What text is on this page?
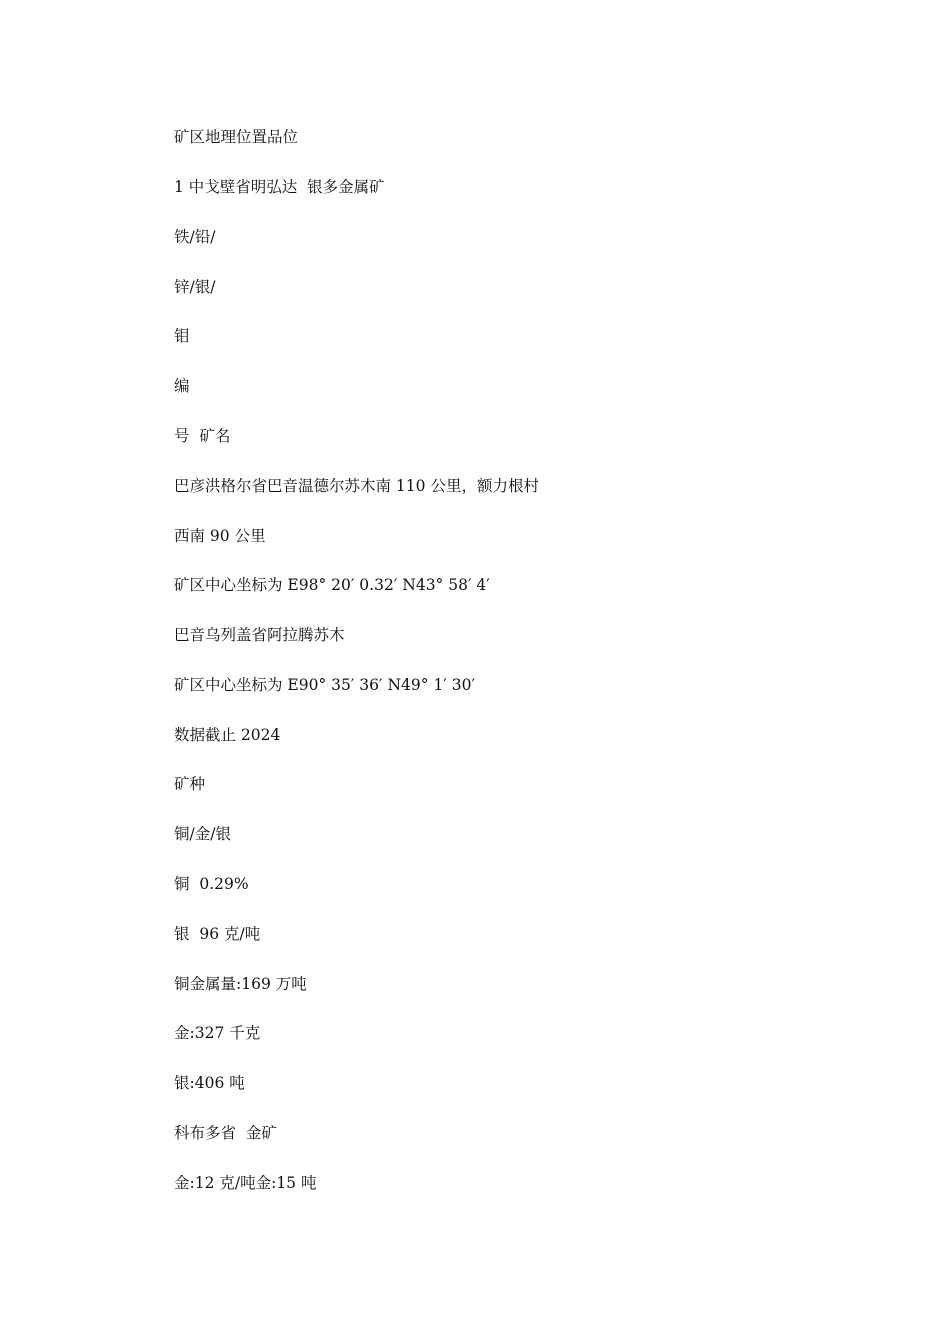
矿区地理位置品位
1 中戈壁省明弘达  银多金属矿
铁/铅/
锌/银/
钼
编
号  矿名
巴彦洪格尔省巴音温德尔苏木南 110 公里，额力根村
西南 90 公里
矿区中心坐标为 E98° 20′ 0.32′ N43° 58′ 4′
巴音乌列盖省阿拉腾苏木
矿区中心坐标为 E90° 35′ 36′ N49° 1′ 30′
数据截止 2024
矿种
铜/金/银
铜  0.29%
银  96 克/吨
铜金属量:169 万吨
金:327 千克
银:406 吨
科布多省  金矿
金:12 克/吨金:15 吨
